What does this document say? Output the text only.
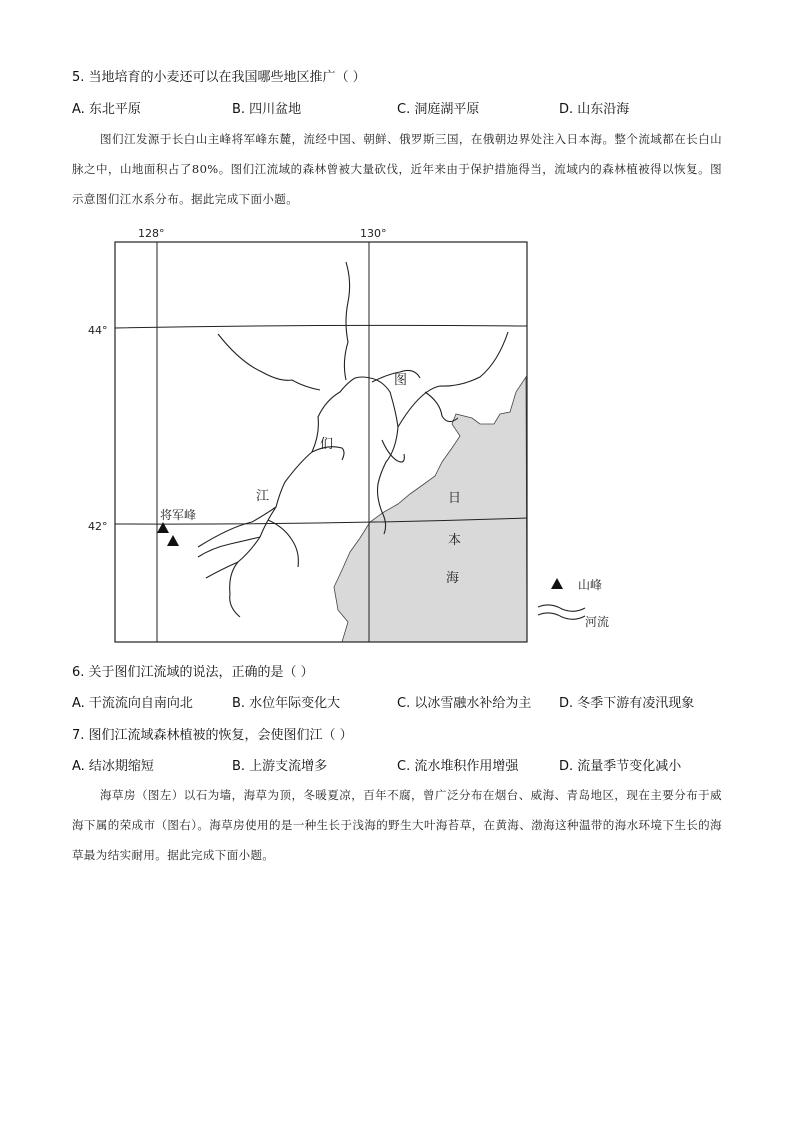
5. 当地培育的小麦还可以在我国哪些地区推广（ ）
A. 东北平原	B. 四川盆地	C. 洞庭湖平原	D. 山东沿海
图们江发源于长白山主峰将军峰东麓，流经中国、朝鲜、俄罗斯三国，在俄朝边界处注入日本海。整个流域都在长白山脉之中，山地面积占了80%。图们江流域的森林曾被大量砍伐，近年来由于保护措施得当，流域内的森林植被得以恢复。图示意图们江水系分布。据此完成下面小题。
128°	130°
44°
42°
将军峰
图
们
江	日
本
海	山峰
河流
6. 关于图们江流域的说法，正确的是（ ）
A. 干流流向自南向北	B. 水位年际变化大	C. 以冰雪融水补给为主 D. 冬季下游有凌汛现象
7. 图们江流域森林植被的恢复，会使图们江（ ）
A. 结冰期缩短	B. 上游支流增多	C. 流水堆积作用增强	D. 流量季节变化减小
海草房（图左）以石为墙，海草为顶，冬暖夏凉，百年不腐，曾广泛分布在烟台、威海、青岛地区，现在主要分布于威海下属的荣成市（图右）。海草房使用的是一种生长于浅海的野生大叶海苔草，在黄海、渤海这种温带的海水环境下生长的海草最为结实耐用。据此完成下面小题。
